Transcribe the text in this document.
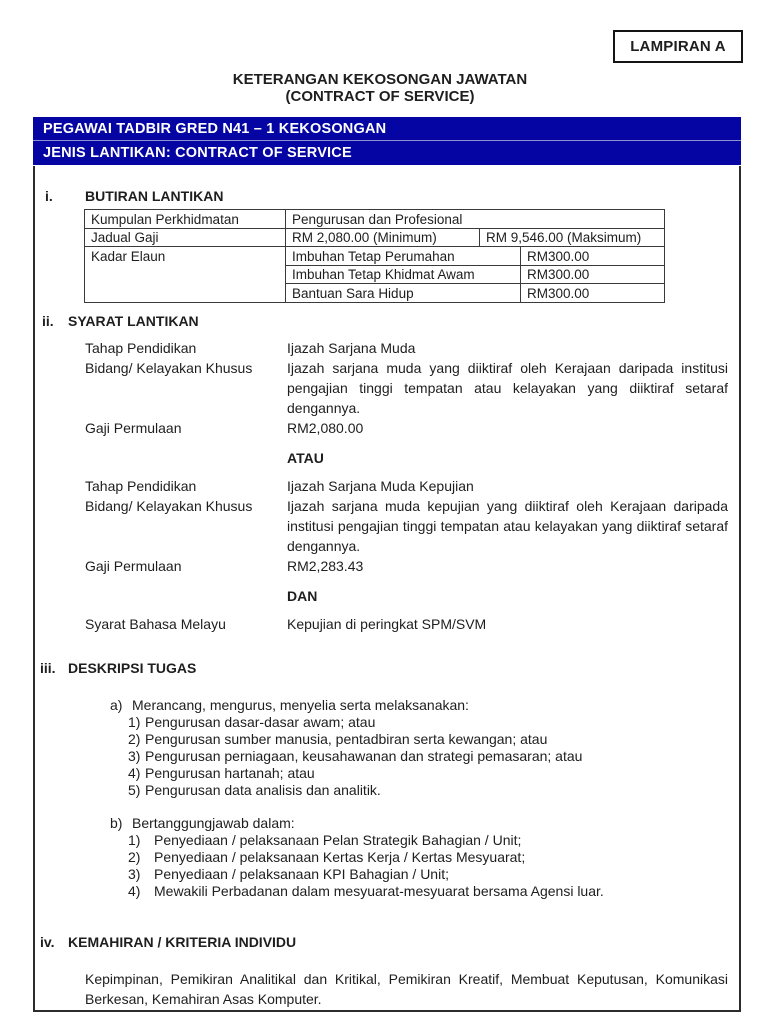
LAMPIRAN A
KETERANGAN KEKOSONGAN JAWATAN
(CONTRACT OF SERVICE)
PEGAWAI TADBIR GRED N41 – 1 KEKOSONGAN
JENIS LANTIKAN: CONTRACT OF SERVICE
i.	BUTIRAN LANTIKAN
Kumpulan Perkhidmatan	Pengurusan dan Profesional
Jadual Gaji	RM 2,080.00 (Minimum)	RM 9,546.00 (Maksimum)
Kadar Elaun	Imbuhan Tetap Perumahan	RM300.00
Imbuhan Tetap Khidmat Awam	RM300.00
Bantuan Sara Hidup	RM300.00
ii.	SYARAT LANTIKAN
Tahap Pendidikan	Ijazah Sarjana Muda
Bidang/ Kelayakan Khusus	Ijazah sarjana muda yang diiktiraf oleh Kerajaan daripada institusi pengajian tinggi tempatan atau kelayakan yang diiktiraf setaraf dengannya.
Gaji Permulaan	RM2,080.00
ATAU
Tahap Pendidikan	Ijazah Sarjana Muda Kepujian
Bidang/ Kelayakan Khusus	Ijazah sarjana muda kepujian yang diiktiraf oleh Kerajaan daripada institusi pengajian tinggi tempatan atau kelayakan yang diiktiraf setaraf dengannya.
Gaji Permulaan	RM2,283.43
DAN
Syarat Bahasa Melayu	Kepujian di peringkat SPM/SVM
iii. DESKRIPSI TUGAS
a) Merancang, mengurus, menyelia serta melaksanakan:
1) Pengurusan dasar-dasar awam; atau
2) Pengurusan sumber manusia, pentadbiran serta kewangan; atau
3) Pengurusan perniagaan, keusahawanan dan strategi pemasaran; atau
4) Pengurusan hartanah; atau
5) Pengurusan data analisis dan analitik.
b) Bertanggungjawab dalam:
1) Penyediaan / pelaksanaan Pelan Strategik Bahagian / Unit;
2) Penyediaan / pelaksanaan Kertas Kerja / Kertas Mesyuarat;
3) Penyediaan / pelaksanaan KPI Bahagian / Unit;
4) Mewakili Perbadanan dalam mesyuarat-mesyuarat bersama Agensi luar.
iv. KEMAHIRAN / KRITERIA INDIVIDU
Kepimpinan, Pemikiran Analitikal dan Kritikal, Pemikiran Kreatif, Membuat Keputusan, Komunikasi Berkesan, Kemahiran Asas Komputer.
